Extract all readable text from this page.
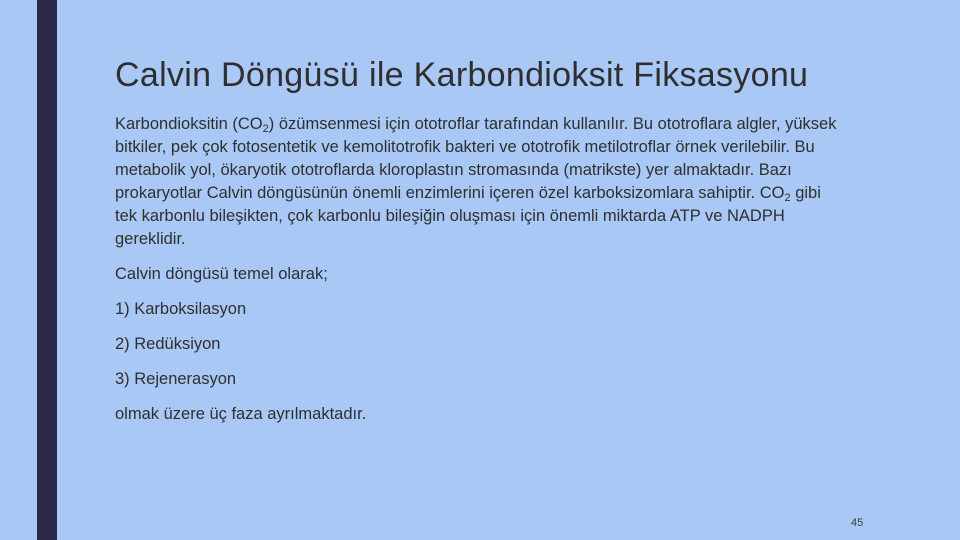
Calvin Döngüsü ile Karbondioksit Fiksasyonu

Karbondioksitin $(CO_2)$ özümsenmesi için ototroflar tarafından kullanılır. Bu ototroflara algler, yüksek bitkiler, pek çok fotosentetik ve kemolitotrofik bakteri ve ototrofik metilotroflar örnek verilebilir. Bu metabolik yol, ökaryotik ototroflarda kloroplastın stromasında (matrikste) yer almaktadır. Bazı prokaryotlar Calvin döngüsünün önemli enzimlerini içeren özel karboksizomlara sahiptir. $CO_2$ gibi tek karbonlu bileşikten, çok karbonlu bileşiğin oluşması için önemli miktarda ATP ve NADPH gereklidir.

Calvin döngüsü temel olarak;

1) Karboksilasyon

2) Redüksiyon

3) Rejenerasyon

olmak üzere üç faza ayrılmaktadır.

45
